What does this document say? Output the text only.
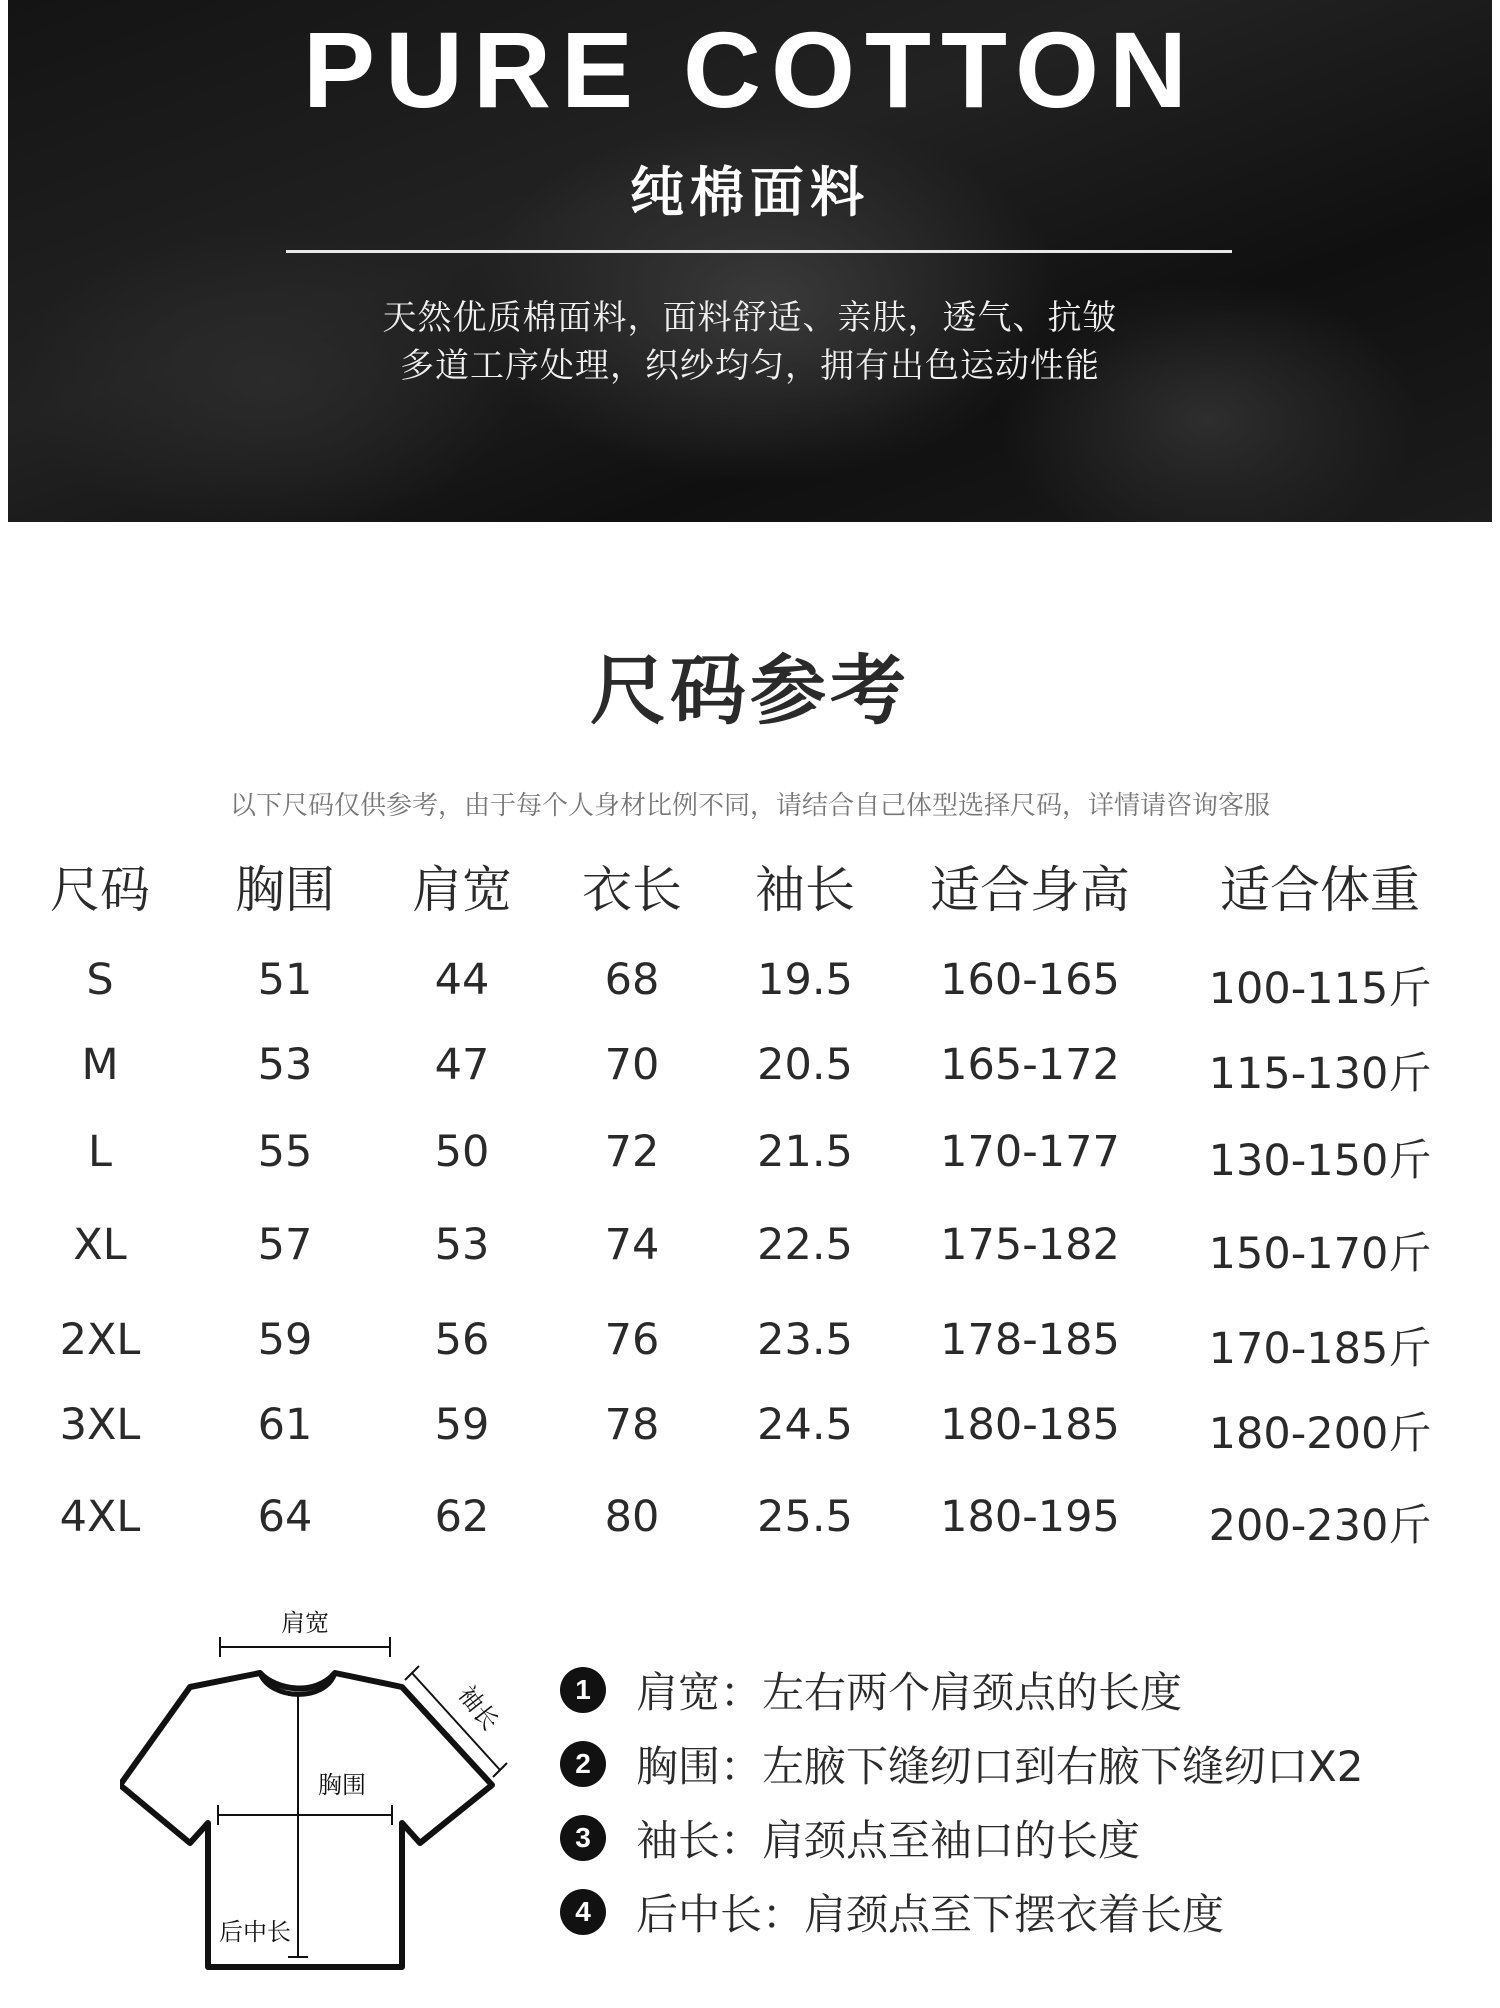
PURE COTTON
纯棉面料
天然优质棉面料，面料舒适、亲肤，透气、抗皱
多道工序处理，织纱均匀，拥有出色运动性能
尺码参考
以下尺码仅供参考，由于每个人身材比例不同，请结合自己体型选择尺码，详情请咨询客服
尺码	胸围	肩宽	衣长	袖长	适合身高	适合体重
S	51	44	68	19.5	160-165	100-115斤
M	53	47	70	20.5	165-172	115-130斤
L	55	50	72	21.5	170-177	130-150斤
XL	57	53	74	22.5	175-182	150-170斤
2XL	59	56	76	23.5	178-185	170-185斤
3XL	61	59	78	24.5	180-185	180-200斤
4XL	64	62	80	25.5	180-195	200-230斤
肩宽
袖长
胸围
后中长
1	肩宽：左右两个肩颈点的长度
2	胸围：左腋下缝纫口到右腋下缝纫口X2
3	袖长：肩颈点至袖口的长度
4	后中长：肩颈点至下摆衣着长度
